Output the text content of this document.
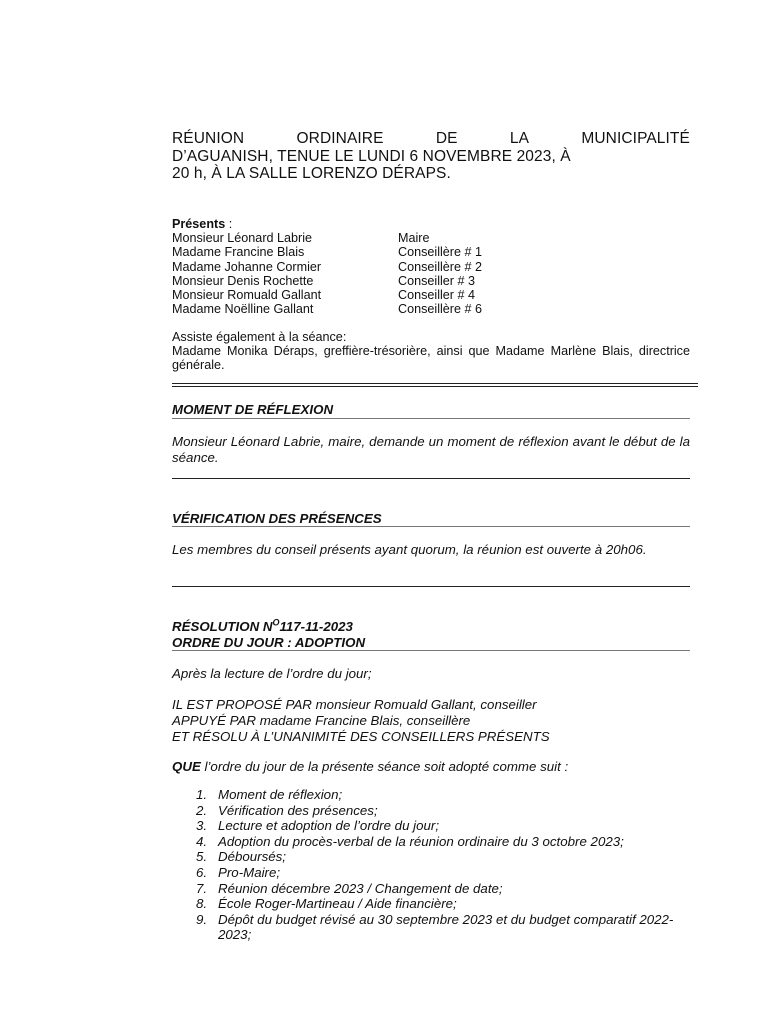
RÉUNION	ORDINAIRE	DE	LA	MUNICIPALITÉ
D’AGUANISH, TENUE LE LUNDI 6 NOVEMBRE 2023, À
20 h, À LA SALLE LORENZO DÉRAPS.
Présents :
Monsieur Léonard Labrie	Maire
Madame Francine Blais	Conseillère # 1
Madame Johanne Cormier	Conseillère # 2
Monsieur Denis Rochette	Conseiller # 3
Monsieur Romuald Gallant	Conseiller # 4
Madame Noëlline Gallant	Conseillère # 6
Assiste également à la séance:
Madame Monika Déraps, greffière-trésorière, ainsi que Madame Marlène Blais, directrice générale.
MOMENT DE RÉFLEXION
Monsieur Léonard Labrie, maire, demande un moment de réflexion avant le début de la séance.
VÉRIFICATION DES PRÉSENCES
Les membres du conseil présents ayant quorum, la réunion est ouverte à 20h06.
RÉSOLUTION $N^O117-11-2023$
ORDRE DU JOUR : ADOPTION
Après la lecture de l’ordre du jour;

IL EST PROPOSÉ PAR monsieur Romuald Gallant, conseiller

APPUYÉ PAR madame Francine Blais, conseillère

ET RÉSOLU À L’UNANIMITÉ DES CONSEILLERS PRÉSENTS

QUE l’ordre du jour de la présente séance soit adopté comme suit :
1. Moment de réflexion;
2. Vérification des présences;
3. Lecture et adoption de l’ordre du jour;
4. Adoption du procès-verbal de la réunion ordinaire du 3 octobre 2023;
5. Déboursés;
6. Pro-Maire;
7. Réunion décembre 2023 / Changement de date;
8. École Roger-Martineau / Aide financière;
9. Dépôt du budget révisé au 30 septembre 2023 et du budget comparatif 2022-2023;
